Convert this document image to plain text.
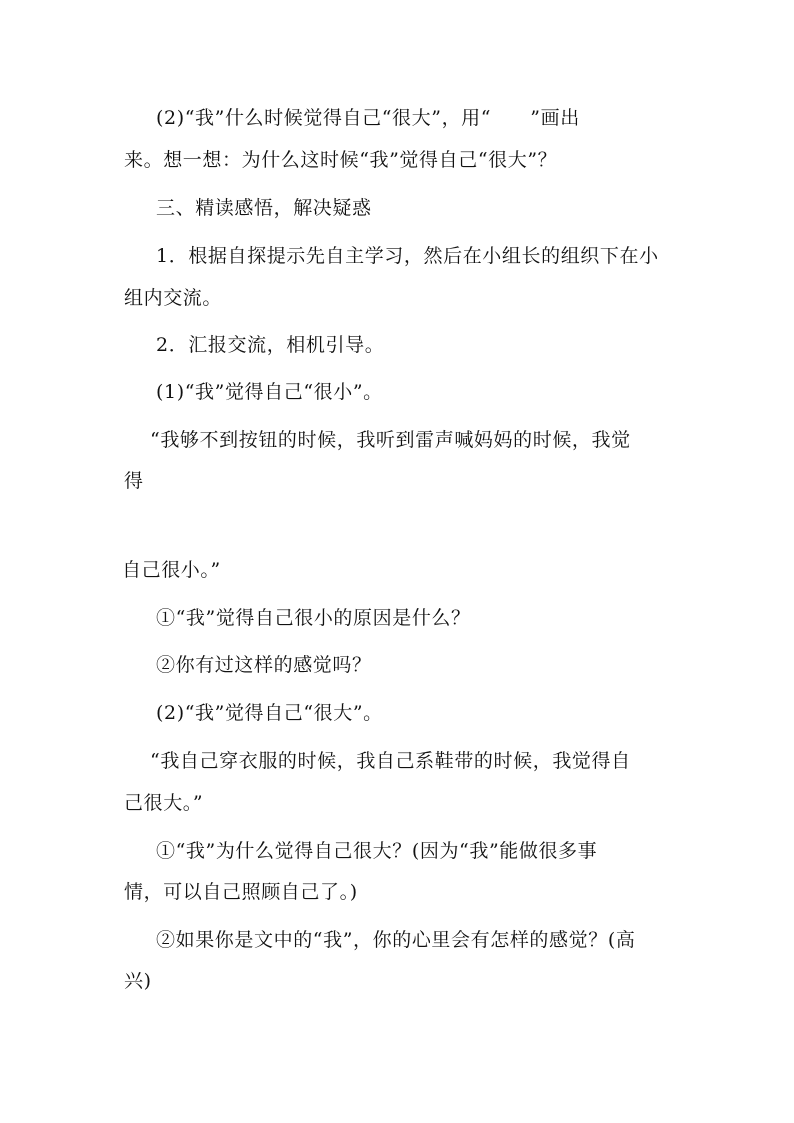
(2)“我”什么时候觉得自己“很大”，用“　　”画出
来。想一想：为什么这时候“我”觉得自己“很大”？
三、精读感悟，解决疑惑
1．根据自探提示先自主学习，然后在小组长的组织下在小
组内交流。
2．汇报交流，相机引导。
(1)“我”觉得自己“很小”。
“我够不到按钮的时候，我听到雷声喊妈妈的时候，我觉
得
自己很小。”
①“我”觉得自己很小的原因是什么？
②你有过这样的感觉吗？
(2)“我”觉得自己“很大”。
“我自己穿衣服的时候，我自己系鞋带的时候，我觉得自
己很大。”
①“我”为什么觉得自己很大？(因为“我”能做很多事
情，可以自己照顾自己了。)
②如果你是文中的“我”，你的心里会有怎样的感觉？(高
兴)
